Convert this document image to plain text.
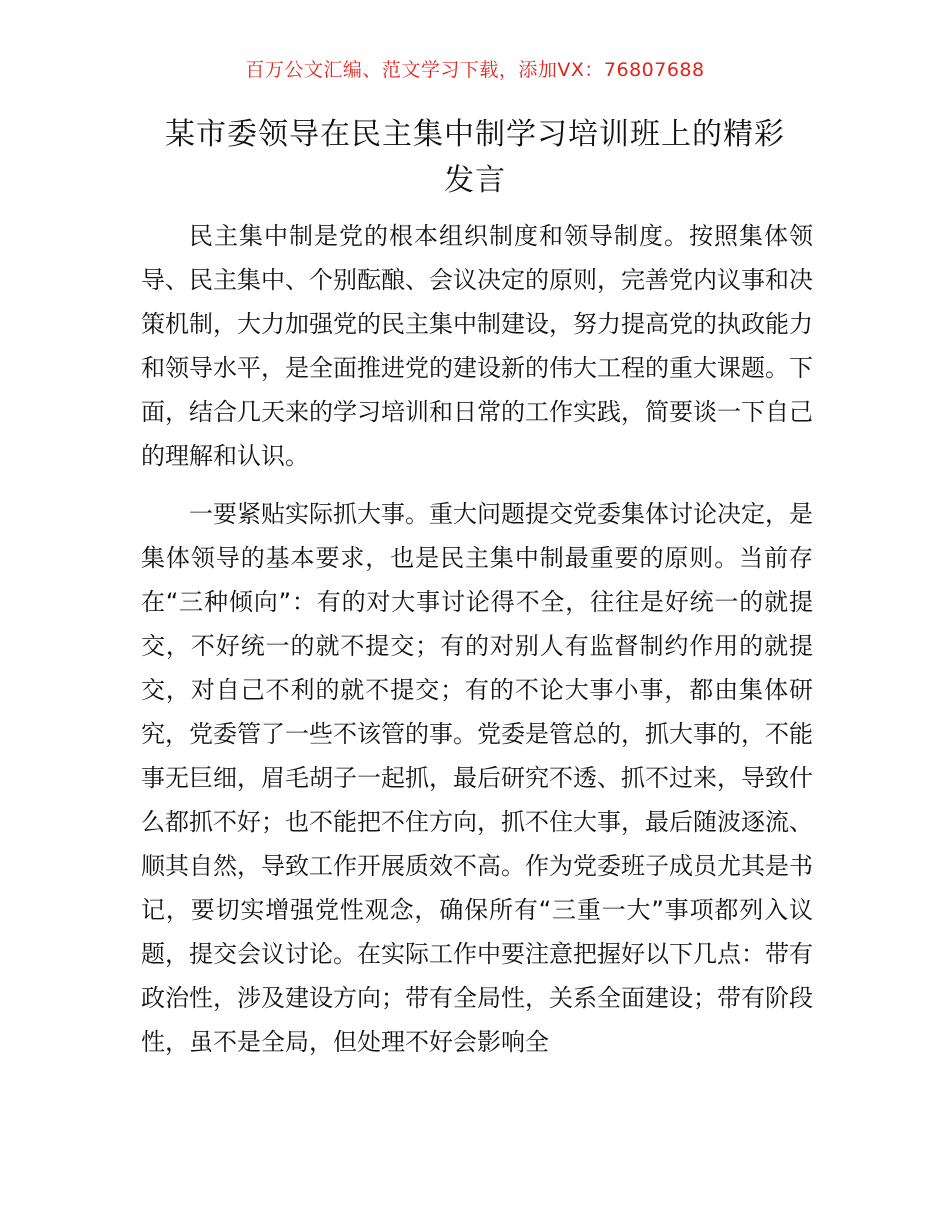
百万公文汇编、范文学习下载，添加VX：76807688
某市委领导在民主集中制学习培训班上的精彩
发言

民主集中制是党的根本组织制度和领导制度。按照集体领导、民主集中、个别酝酿、会议决定的原则，完善党内议事和决策机制，大力加强党的民主集中制建设，努力提高党的执政能力和领导水平，是全面推进党的建设新的伟大工程的重大课题。下面，结合几天来的学习培训和日常的工作实践，简要谈一下自己的理解和认识。

一要紧贴实际抓大事。重大问题提交党委集体讨论决定，是集体领导的基本要求，也是民主集中制最重要的原则。当前存在“三种倾向”：有的对大事讨论得不全，往往是好统一的就提交，不好统一的就不提交；有的对别人有监督制约作用的就提交，对自己不利的就不提交；有的不论大事小事，都由集体研究，党委管了一些不该管的事。党委是管总的，抓大事的，不能事无巨细，眉毛胡子一起抓，最后研究不透、抓不过来，导致什么都抓不好；也不能把不住方向，抓不住大事，最后随波逐流、顺其自然，导致工作开展质效不高。作为党委班子成员尤其是书记，要切实增强党性观念，确保所有“三重一大”事项都列入议题，提交会议讨论。在实际工作中要注意把握好以下几点：带有政治性，涉及建设方向；带有全局性，关系全面建设；带有阶段性，虽不是全局，但处理不好会影响全
